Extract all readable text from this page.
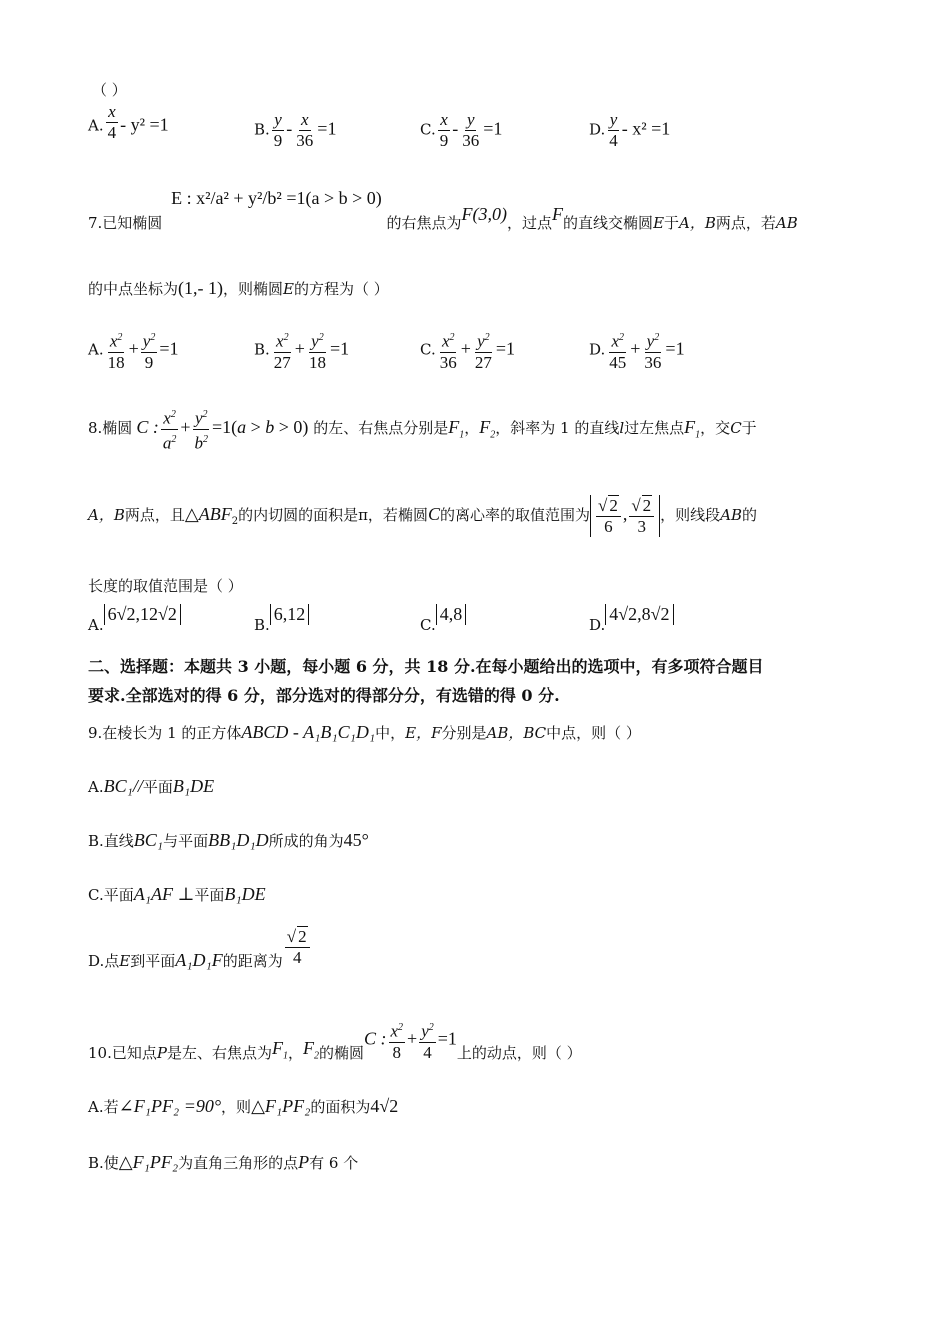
（ ）
A. $\frac{x}{4} - y^2 =1$	B. $\frac{y}{9} - \frac{x}{36} =1$	C. $\frac{x}{9} - \frac{y}{36} =1$	D. $\frac{y}{4} - x^2 =1$
7.已知椭圆 E : x²/a² + y²/b² =1(a > b > 0) 的右焦点为F(3,0)，过点F的直线交椭圆E于A，B两点，若AB
的中点坐标为(1,- 1)，则椭圆E的方程为（ ）
A. $\frac{x^2}{18} + \frac{y^2}{9} =1$	B. $\frac{x^2}{27} + \frac{y^2}{18} =1$	C. $\frac{x^2}{36} + \frac{y^2}{27} =1$	D. $\frac{x^2}{45} + \frac{y^2}{36} =1$
8.椭圆 C : $\frac{x^2}{a^2} + \frac{y^2}{b^2} =1(a > b > 0)$ 的左、右焦点分别是$F_1$，$F_2$，斜率为 1 的直线l过左焦点$F_1$，交C于
A，B两点，且$\triangle ABF_2$的内切圆的面积是π，若椭圆C的离心率的取值范围为 $\frac{√ 2}{6}$ , $\frac{√ 2}{3}$ ，则线段AB的
长度的取值范围是（ ）
A.6√2,12√2
B.6,12
C.4,8
D.4√2,8√2
二、选择题：本题共 3 小题，每小题 6 分，共 18 分.在每小题给出的选项中，有多项符合题目
要求.全部选对的得 6 分，部分选对的得部分分，有选错的得 0 分.
9.在棱长为 1 的正方体ABCD - A₁B₁C₁D₁中，E，F分别是AB，BC中点，则（ ）
A.BC₁//平面B₁DE
B.直线BC₁与平面BB₁D₁D所成的角为45°
C.平面A₁AF ⊥平面B₁DE
D.点E到平面A₁D₁F的距离为 $\frac{√ 2}{4}$
10.已知点P是左、右焦点为$F_1$，$F_2$的椭圆C : $\frac{x^2}{8} + \frac{y^2}{4} =1$上的动点，则（ ）
A.若∠F₁PF₂ =90°，则△F₁PF₂的面积为4√2
B.使△F₁PF₂为直角三角形的点P有 6 个
